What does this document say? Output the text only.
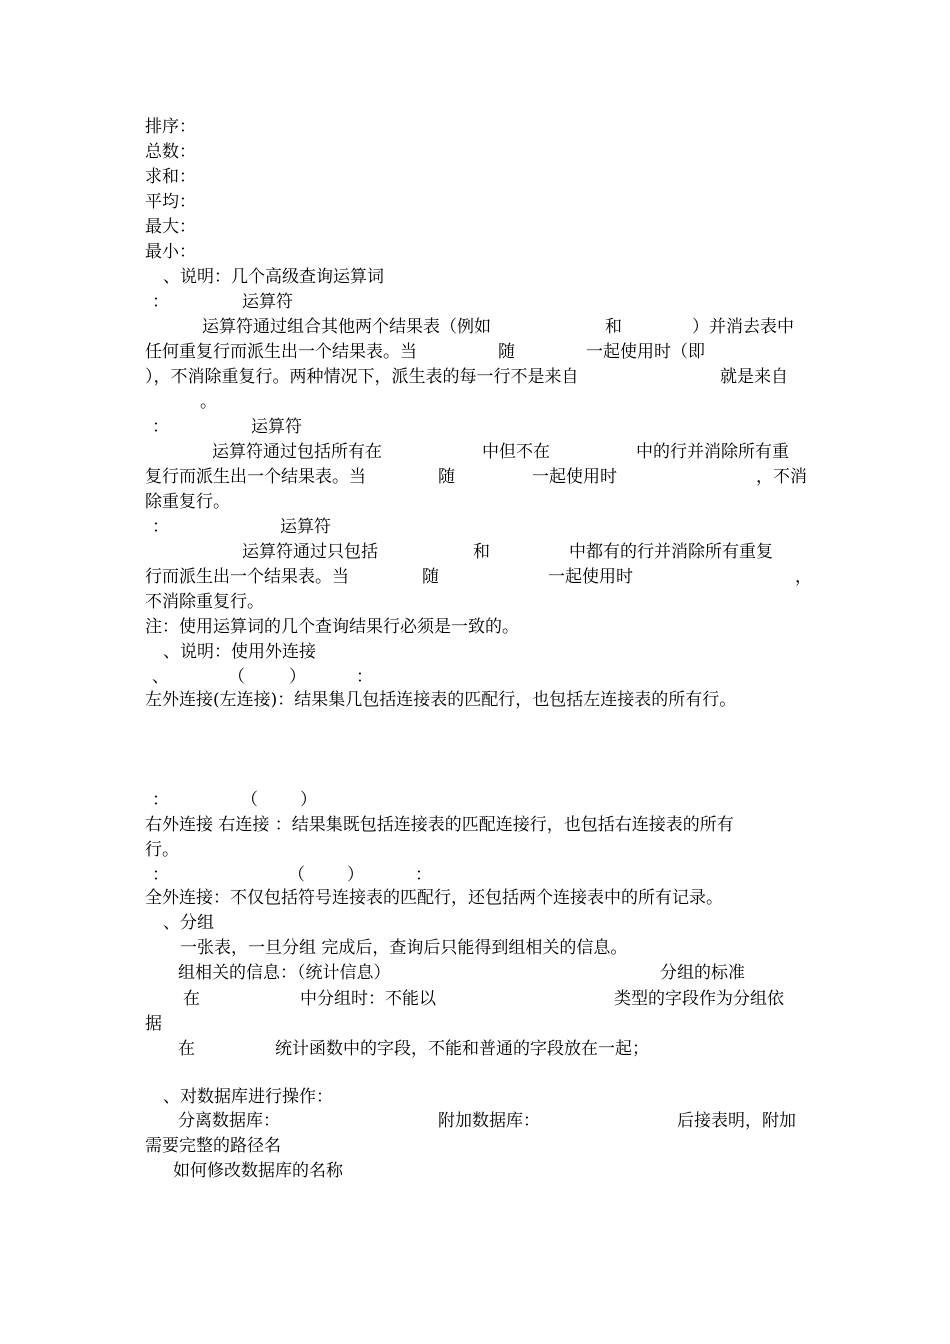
排序：
总数：
求和：
平均：
最大：
最小：
、说明：几个高级查询运算词
：	运算符
运算符通过组合其他两个结果表（例如	和	）并消去表中
任何重复行而派生出一个结果表。当	随	一起使用时（即
），不消除重复行。两种情况下，派生表的每一行不是来自	就是来自
。
：	运算符
运算符通过包括所有在	中但不在	中的行并消除所有重
复行而派生出一个结果表。当	随	一起使用时	，不消
除重复行。
：	运算符
运算符通过只包括	和	中都有的行并消除所有重复
行而派生出一个结果表。当	随	一起使用时	，
不消除重复行。
注：使用运算词的几个查询结果行必须是一致的。
、说明：使用外连接
、	（	）	：
左外连接(左连接)：结果集几包括连接表的匹配行，也包括左连接表的所有行。
：	（ ）
右外连接 右连接 ：结果集既包括连接表的匹配连接行，也包括右连接表的所有
行。
：	（ ）	：
全外连接：不仅包括符号连接表的匹配行，还包括两个连接表中的所有记录。
、分组
一张表，一旦分组 完成后，查询后只能得到组相关的信息。
组相关的信息：（统计信息）	分组的标准
在	中分组时：不能以	类型的字段作为分组依
据
在	统计函数中的字段，不能和普通的字段放在一起；
、对数据库进行操作：
分离数据库：	附加数据库：	后接表明，附加
需要完整的路径名
如何修改数据库的名称
